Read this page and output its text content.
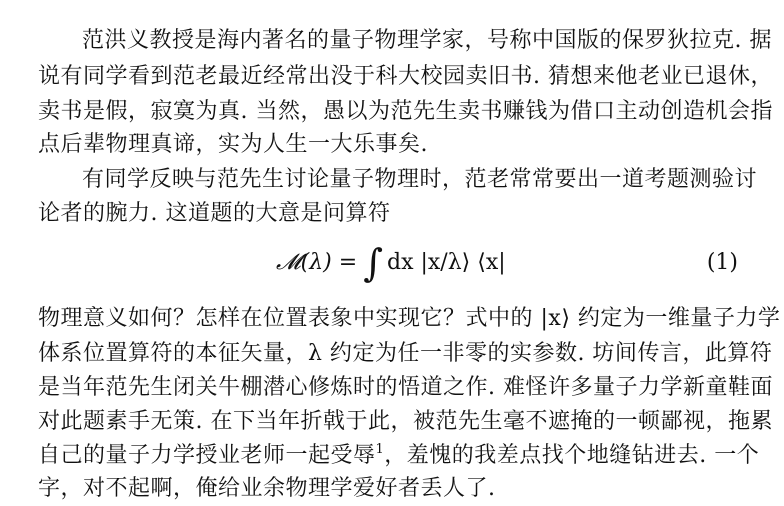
范洪义教授是海内著名的量子物理学家，号称中国版的保罗狄拉克. 据
说有同学看到范老最近经常出没于科大校园卖旧书. 猜想来他老业已退休，
卖书是假，寂寞为真. 当然，愚以为范先生卖书赚钱为借口主动创造机会指
点后辈物理真谛，实为人生一大乐事矣.
有同学反映与范先生讨论量子物理时，范老常常要出一道考题测验讨
论者的腕力. 这道题的大意是问算符
𝓜(λ) = ∫ dx |x/λ⟩ ⟨x|	(1)
物理意义如何？怎样在位置表象中实现它？式中的 |x⟩ 约定为一维量子力学
体系位置算符的本征矢量，λ 约定为任一非零的实参数. 坊间传言，此算符
是当年范先生闭关牛棚潜心修炼时的悟道之作. 难怪许多量子力学新童鞋面
对此题素手无策. 在下当年折戟于此，被范先生毫不遮掩的一顿鄙视，拖累
自己的量子力学授业老师一起受辱$^1$，羞愧的我差点找个地缝钻进去. 一个
字，对不起啊，俺给业余物理学爱好者丢人了.
